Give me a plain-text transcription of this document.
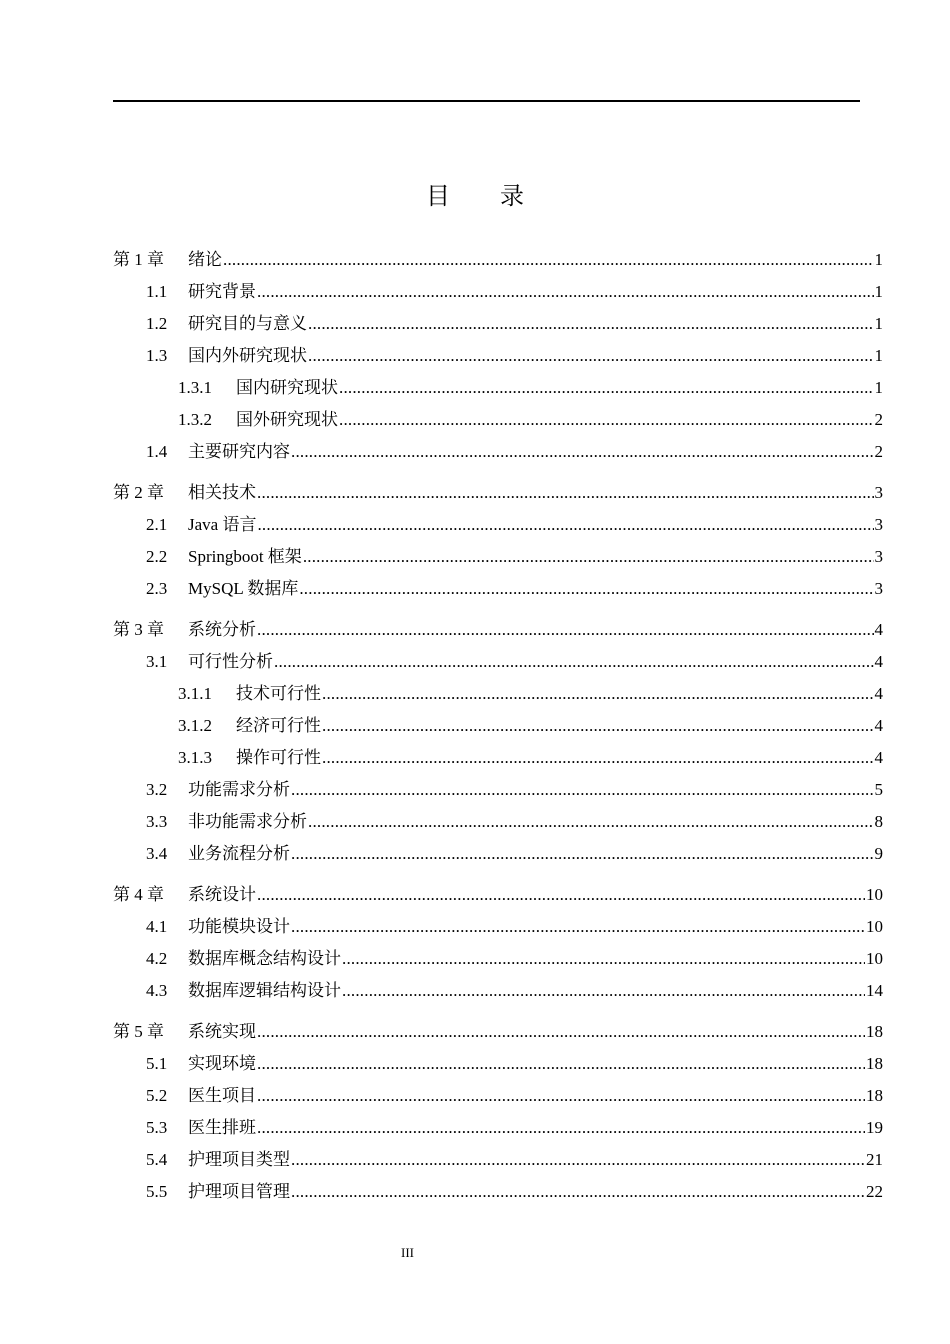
目 录
第 1 章	绪论 .....	1
1.1	研究背景 .....	1
1.2	研究目的与意义 .....	1
1.3	国内外研究现状 .....	1
1.3.1	国内研究现状 .....	1
1.3.2	国外研究现状 .....	2
1.4	主要研究内容 .....	2
第 2 章	相关技术 .....	3
2.1	Java 语言 .....	3
2.2	Springboot 框架 .....	3
2.3	MySQL 数据库 .....	3
第 3 章	系统分析 .....	4
3.1	可行性分析 .....	4
3.1.1	技术可行性 .....	4
3.1.2	经济可行性 .....	4
3.1.3	操作可行性 .....	4
3.2	功能需求分析 .....	5
3.3	非功能需求分析 .....	8
3.4	业务流程分析 .....	9
第 4 章	系统设计 .....	10
4.1	功能模块设计 .....	10
4.2	数据库概念结构设计 .....	10
4.3	数据库逻辑结构设计 .....	14
第 5 章	系统实现 .....	18
5.1	实现环境 .....	18
5.2	医生项目 .....	18
5.3	医生排班 .....	19
5.4	护理项目类型 .....	21
5.5	护理项目管理 .....	22
III
